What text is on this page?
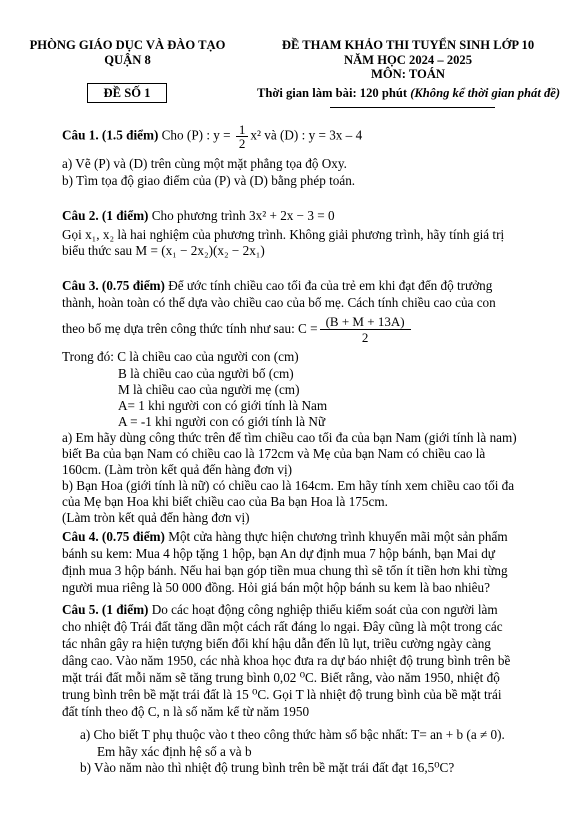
PHÒNG GIÁO DỤC VÀ ĐÀO TẠO
QUẬN 8
ĐỀ SỐ 1
ĐỀ THAM KHẢO THI TUYỂN SINH LỚP 10
NĂM HỌC 2024 – 2025
MÔN: TOÁN
Thời gian làm bài: 120 phút (Không kể thời gian phát đề)
Câu 1. (1.5 điểm) Cho (P) : $y = \frac{1}{2} x^2$ và (D) : y = 3x – 4
a) Vẽ (P) và (D) trên cùng một mặt phẳng tọa độ Oxy.
b) Tìm tọa độ giao điểm của (P) và (D) bằng phép toán.
Câu 2. (1 điểm) Cho phương trình 3x² + 2x − 3 = 0
Gọi x₁, x₂ là hai nghiệm của phương trình. Không giải phương trình, hãy tính giá trị
biểu thức sau M = (x₁ − 2x₂)(x₂ − 2x₁)
Câu 3. (0.75 điểm) Để ước tính chiều cao tối đa của trẻ em khi đạt đến độ trưởng
thành, hoàn toàn có thể dựa vào chiều cao của bố mẹ. Cách tính chiều cao của con
theo bố mẹ dựa trên công thức tính như sau: $C = \frac{(B + M + 13A)}{2}$
Trong đó: C là chiều cao của người con (cm)
B là chiều cao của người bố (cm)
M là chiều cao của người mẹ (cm)
A= 1 khi người con có giới tính là Nam
A = -1 khi người con có giới tính là Nữ
a) Em hãy dùng công thức trên để tìm chiều cao tối đa của bạn Nam (giới tính là nam)
biết Ba của bạn Nam có chiều cao là 172cm và Mẹ của bạn Nam có chiều cao là
160cm. (Làm tròn kết quả đến hàng đơn vị)
b) Bạn Hoa (giới tính là nữ) có chiều cao là 164cm. Em hãy tính xem chiều cao tối đa
của Mẹ bạn Hoa khi biết chiều cao của Ba bạn Hoa là 175cm.
(Làm tròn kết quả đến hàng đơn vị)
Câu 4. (0.75 điểm) Một cửa hàng thực hiện chương trình khuyến mãi một sản phẩm
bánh su kem: Mua 4 hộp tặng 1 hộp, bạn An dự định mua 7 hộp bánh, bạn Mai dự
định mua 3 hộp bánh. Nếu hai bạn góp tiền mua chung thì sẽ tốn ít tiền hơn khi từng
người mua riêng là 50 000 đồng. Hỏi giá bán một hộp bánh su kem là bao nhiêu?
Câu 5. (1 điểm) Do các hoạt động công nghiệp thiếu kiểm soát của con người làm
cho nhiệt độ Trái đất tăng dần một cách rất đáng lo ngại. Đây cũng là một trong các
tác nhân gây ra hiện tượng biến đổi khí hậu dẫn đến lũ lụt, triều cường ngày càng
dâng cao. Vào năm 1950, các nhà khoa học đưa ra dự báo nhiệt độ trung bình trên bề
mặt trái đất mỗi năm sẽ tăng trung bình 0,02 ⁰C. Biết rằng, vào năm 1950, nhiệt độ
trung bình trên bề mặt trái đất là 15 ⁰C. Gọi T là nhiệt độ trung bình của bề mặt trái
đất tính theo độ C, n là số năm kể từ năm 1950
a) Cho biết T phụ thuộc vào t theo công thức hàm số bậc nhất: T= an + b (a ≠ 0).
Em hãy xác định hệ số a và b
b) Vào năm nào thì nhiệt độ trung bình trên bề mặt trái đất đạt 16,5⁰C?
